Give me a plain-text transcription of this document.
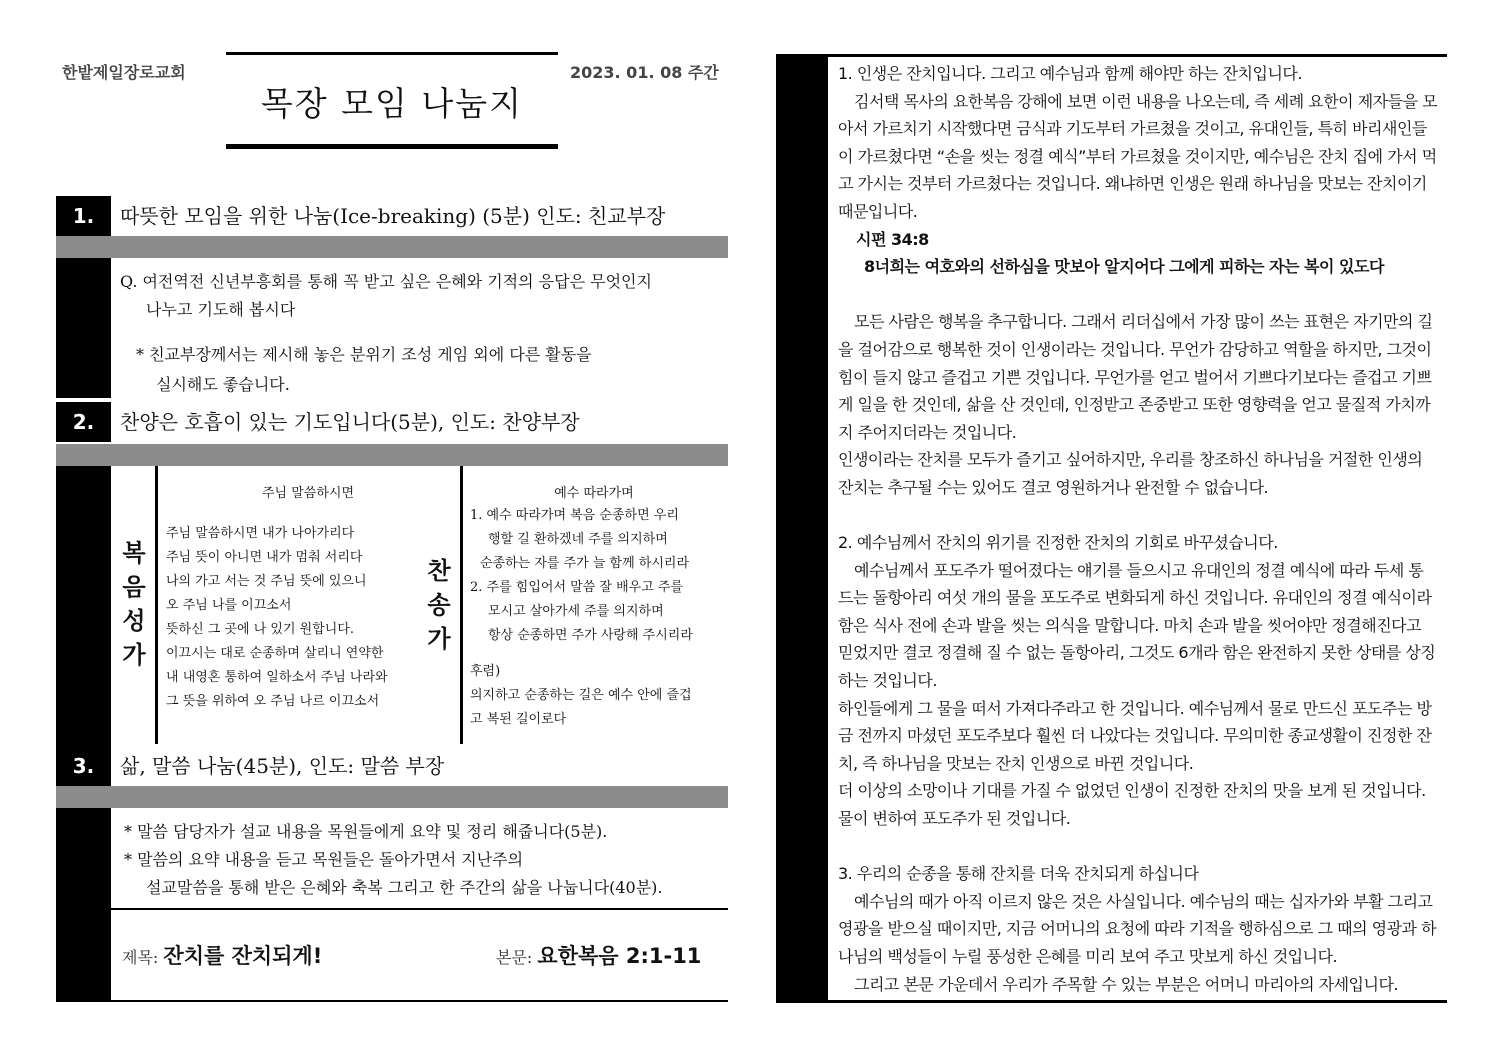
한밭제일장로교회
목장 모임 나눔지
2023. 01. 08 주간
1.	따뜻한 모임을 위한 나눔(Ice-breaking) (5분) 인도: 친교부장
Q. 여전역전 신년부흥회를 통해 꼭 받고 싶은 은혜와 기적의 응답은 무엇인지
나누고 기도해 봅시다
* 친교부장께서는 제시해 놓은 분위기 조성 게임 외에 다른 활동을
실시해도 좋습니다.
2.	찬양은 호흡이 있는 기도입니다(5분), 인도: 찬양부장
복
음
성
가
주님 말씀하시면
주님 말씀하시면 내가 나아가리다
주님 뜻이 아니면 내가 멈춰 서리다
나의 가고 서는 것 주님 뜻에 있으니
오 주님 나를 이끄소서
뜻하신 그 곳에 나 있기 원합니다.
이끄시는 대로 순종하며 살리니 연약한
내 내영혼 통하여 일하소서 주님 나라와
그 뜻을 위하여 오 주님 나르 이끄소서
찬
송
가
예수 따라가며
1. 예수 따라가며 복음 순종하면 우리
행할 길 환하겠네 주를 의지하며
순종하는 자를 주가 늘 함께 하시리라
2. 주를 힘입어서 말씀 잘 배우고 주를
모시고 살아가세 주를 의지하며
항상 순종하면 주가 사랑해 주시리라
후렴)
의지하고 순종하는 길은 예수 안에 즐겁
고 복된 길이로다
3.	삶, 말씀 나눔(45분), 인도: 말씀 부장
* 말씀 담당자가 설교 내용을 목원들에게 요약 및 정리 해줍니다(5분).
* 말씀의 요약 내용을 듣고 목원들은 돌아가면서 지난주의
설교말씀을 통해 받은 은혜와 축복 그리고 한 주간의 삶을 나눕니다(40분).
제목: 잔치를 잔치되게!	본문: 요한복음 2:1-11

1. 인생은 잔치입니다. 그리고 예수님과 함께 해야만 하는 잔치입니다.

김서택 목사의 요한복음 강해에 보면 이런 내용을 나오는데, 즉 세례 요한이 제자들을 모아서 가르치기 시작했다면 금식과 기도부터 가르쳤을 것이고, 유대인들, 특히 바리새인들이 가르쳤다면 “손을 씻는 정결 예식”부터 가르쳤을 것이지만, 예수님은 잔치 집에 가서 먹고 가시는 것부터 가르쳤다는 것입니다. 왜냐하면 인생은 원래 하나님을 맛보는 잔치이기 때문입니다.

시편 34:8

8너희는 여호와의 선하심을 맛보아 알지어다 그에게 피하는 자는 복이 있도다

모든 사람은 행복을 추구합니다. 그래서 리더십에서 가장 많이 쓰는 표현은 자기만의 길을 걸어감으로 행복한 것이 인생이라는 것입니다. 무언가 감당하고 역할을 하지만, 그것이 힘이 들지 않고 즐겁고 기쁜 것입니다. 무언가를 얻고 벌어서 기쁘다기보다는 즐겁고 기쁘게 일을 한 것인데, 삶을 산 것인데, 인정받고 존중받고 또한 영향력을 얻고 물질적 가치까지 주어지더라는 것입니다.

인생이라는 잔치를 모두가 즐기고 싶어하지만, 우리를 창조하신 하나님을 거절한 인생의 잔치는 추구될 수는 있어도 결코 영원하거나 완전할 수 없습니다.

2. 예수님께서 잔치의 위기를 진정한 잔치의 기회로 바꾸셨습니다.

예수님께서 포도주가 떨어졌다는 얘기를 들으시고 유대인의 정결 예식에 따라 두세 통 드는 돌항아리 여섯 개의 물을 포도주로 변화되게 하신 것입니다. 유대인의 정결 예식이라 함은 식사 전에 손과 발을 씻는 의식을 말합니다. 마치 손과 발을 씻어야만 정결해진다고 믿었지만 결코 정결해 질 수 없는 돌항아리, 그것도 6개라 함은 완전하지 못한 상태를 상징하는 것입니다.

하인들에게 그 물을 떠서 가져다주라고 한 것입니다. 예수님께서 물로 만드신 포도주는 방금 전까지 마셨던 포도주보다 훨씬 더 나았다는 것입니다. 무의미한 종교생활이 진정한 잔치, 즉 하나님을 맛보는 잔치 인생으로 바뀐 것입니다.

더 이상의 소망이나 기대를 가질 수 없었던 인생이 진정한 잔치의 맛을 보게 된 것입니다. 물이 변하여 포도주가 된 것입니다.

3. 우리의 순종을 통해 잔치를 더욱 잔치되게 하십니다

예수님의 때가 아직 이르지 않은 것은 사실입니다. 예수님의 때는 십자가와 부활 그리고 영광을 받으실 때이지만, 지금 어머니의 요청에 따라 기적을 행하심으로 그 때의 영광과 하나님의 백성들이 누릴 풍성한 은혜를 미리 보여 주고 맛보게 하신 것입니다.

그리고 본문 가운데서 우리가 주목할 수 있는 부분은 어머니 마리아의 자세입니다.
